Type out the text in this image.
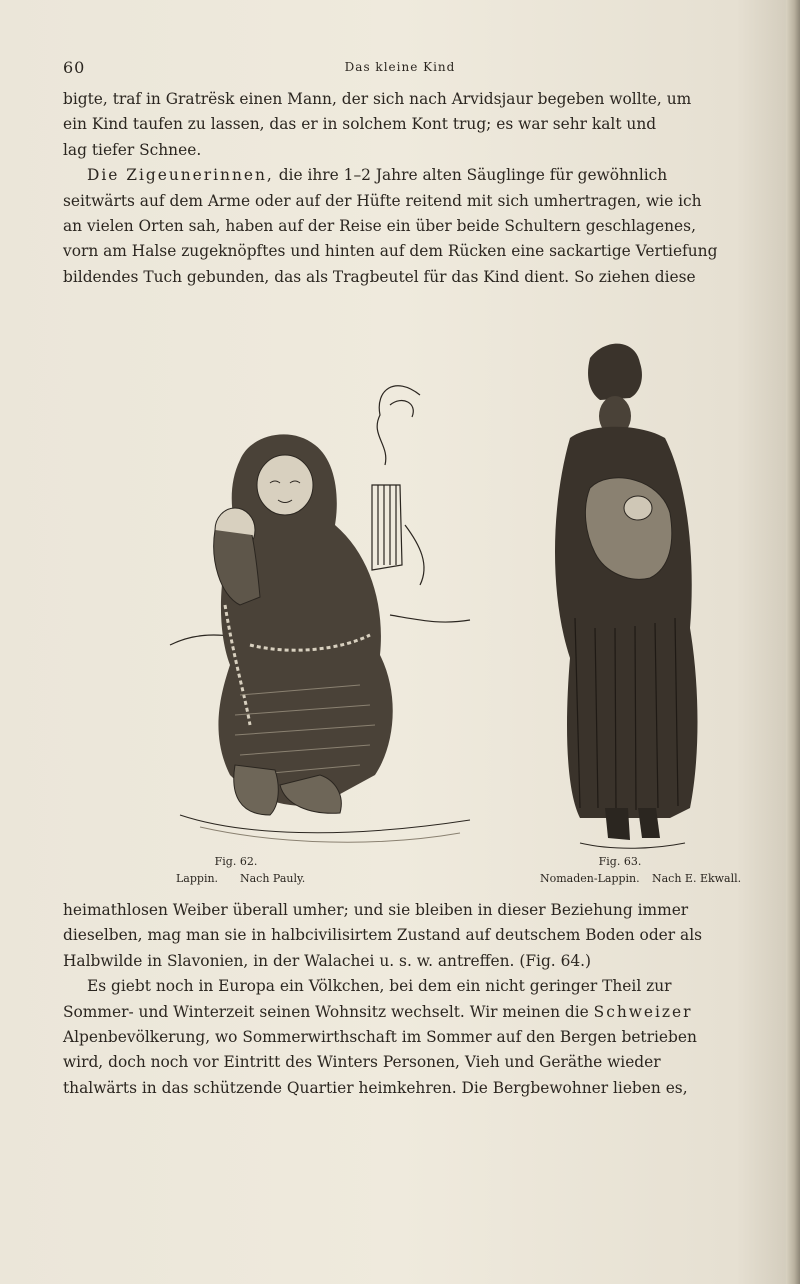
60	Das kleine Kind

bigte, traf in Gratrësk einen Mann, der sich nach Arvidsjaur begeben wollte, um

ein Kind taufen zu lassen, das er in solchem Kont trug; es war sehr kalt und

lag tiefer Schnee.

Die Zigeunerinnen, die ihre 1–2 Jahre alten Säuglinge für gewöhnlich

seitwärts auf dem Arme oder auf der Hüfte reitend mit sich umhertragen, wie ich

an vielen Orten sah, haben auf der Reise ein über beide Schultern geschlagenes,

vorn am Halse zugeknöpftes und hinten auf dem Rücken eine sackartige Vertiefung

bildendes Tuch gebunden, das als Tragbeutel für das Kind dient. So ziehen diese

Fig. 62.
Lappin.	Nach Pauly.
Fig. 63.
Nomaden-Lappin. Nach E. Ekwall.

heimathlosen Weiber überall umher; und sie bleiben in dieser Beziehung immer

dieselben, mag man sie in halbcivilisirtem Zustand auf deutschem Boden oder als

Halbwilde in Slavonien, in der Walachei u. s. w. antreffen. (Fig. 64.)

Es giebt noch in Europa ein Völkchen, bei dem ein nicht geringer Theil zur

Sommer- und Winterzeit seinen Wohnsitz wechselt. Wir meinen die Schweizer

Alpenbevölkerung, wo Sommerwirthschaft im Sommer auf den Bergen betrieben

wird, doch noch vor Eintritt des Winters Personen, Vieh und Geräthe wieder

thalwärts in das schützende Quartier heimkehren. Die Bergbewohner lieben es,
